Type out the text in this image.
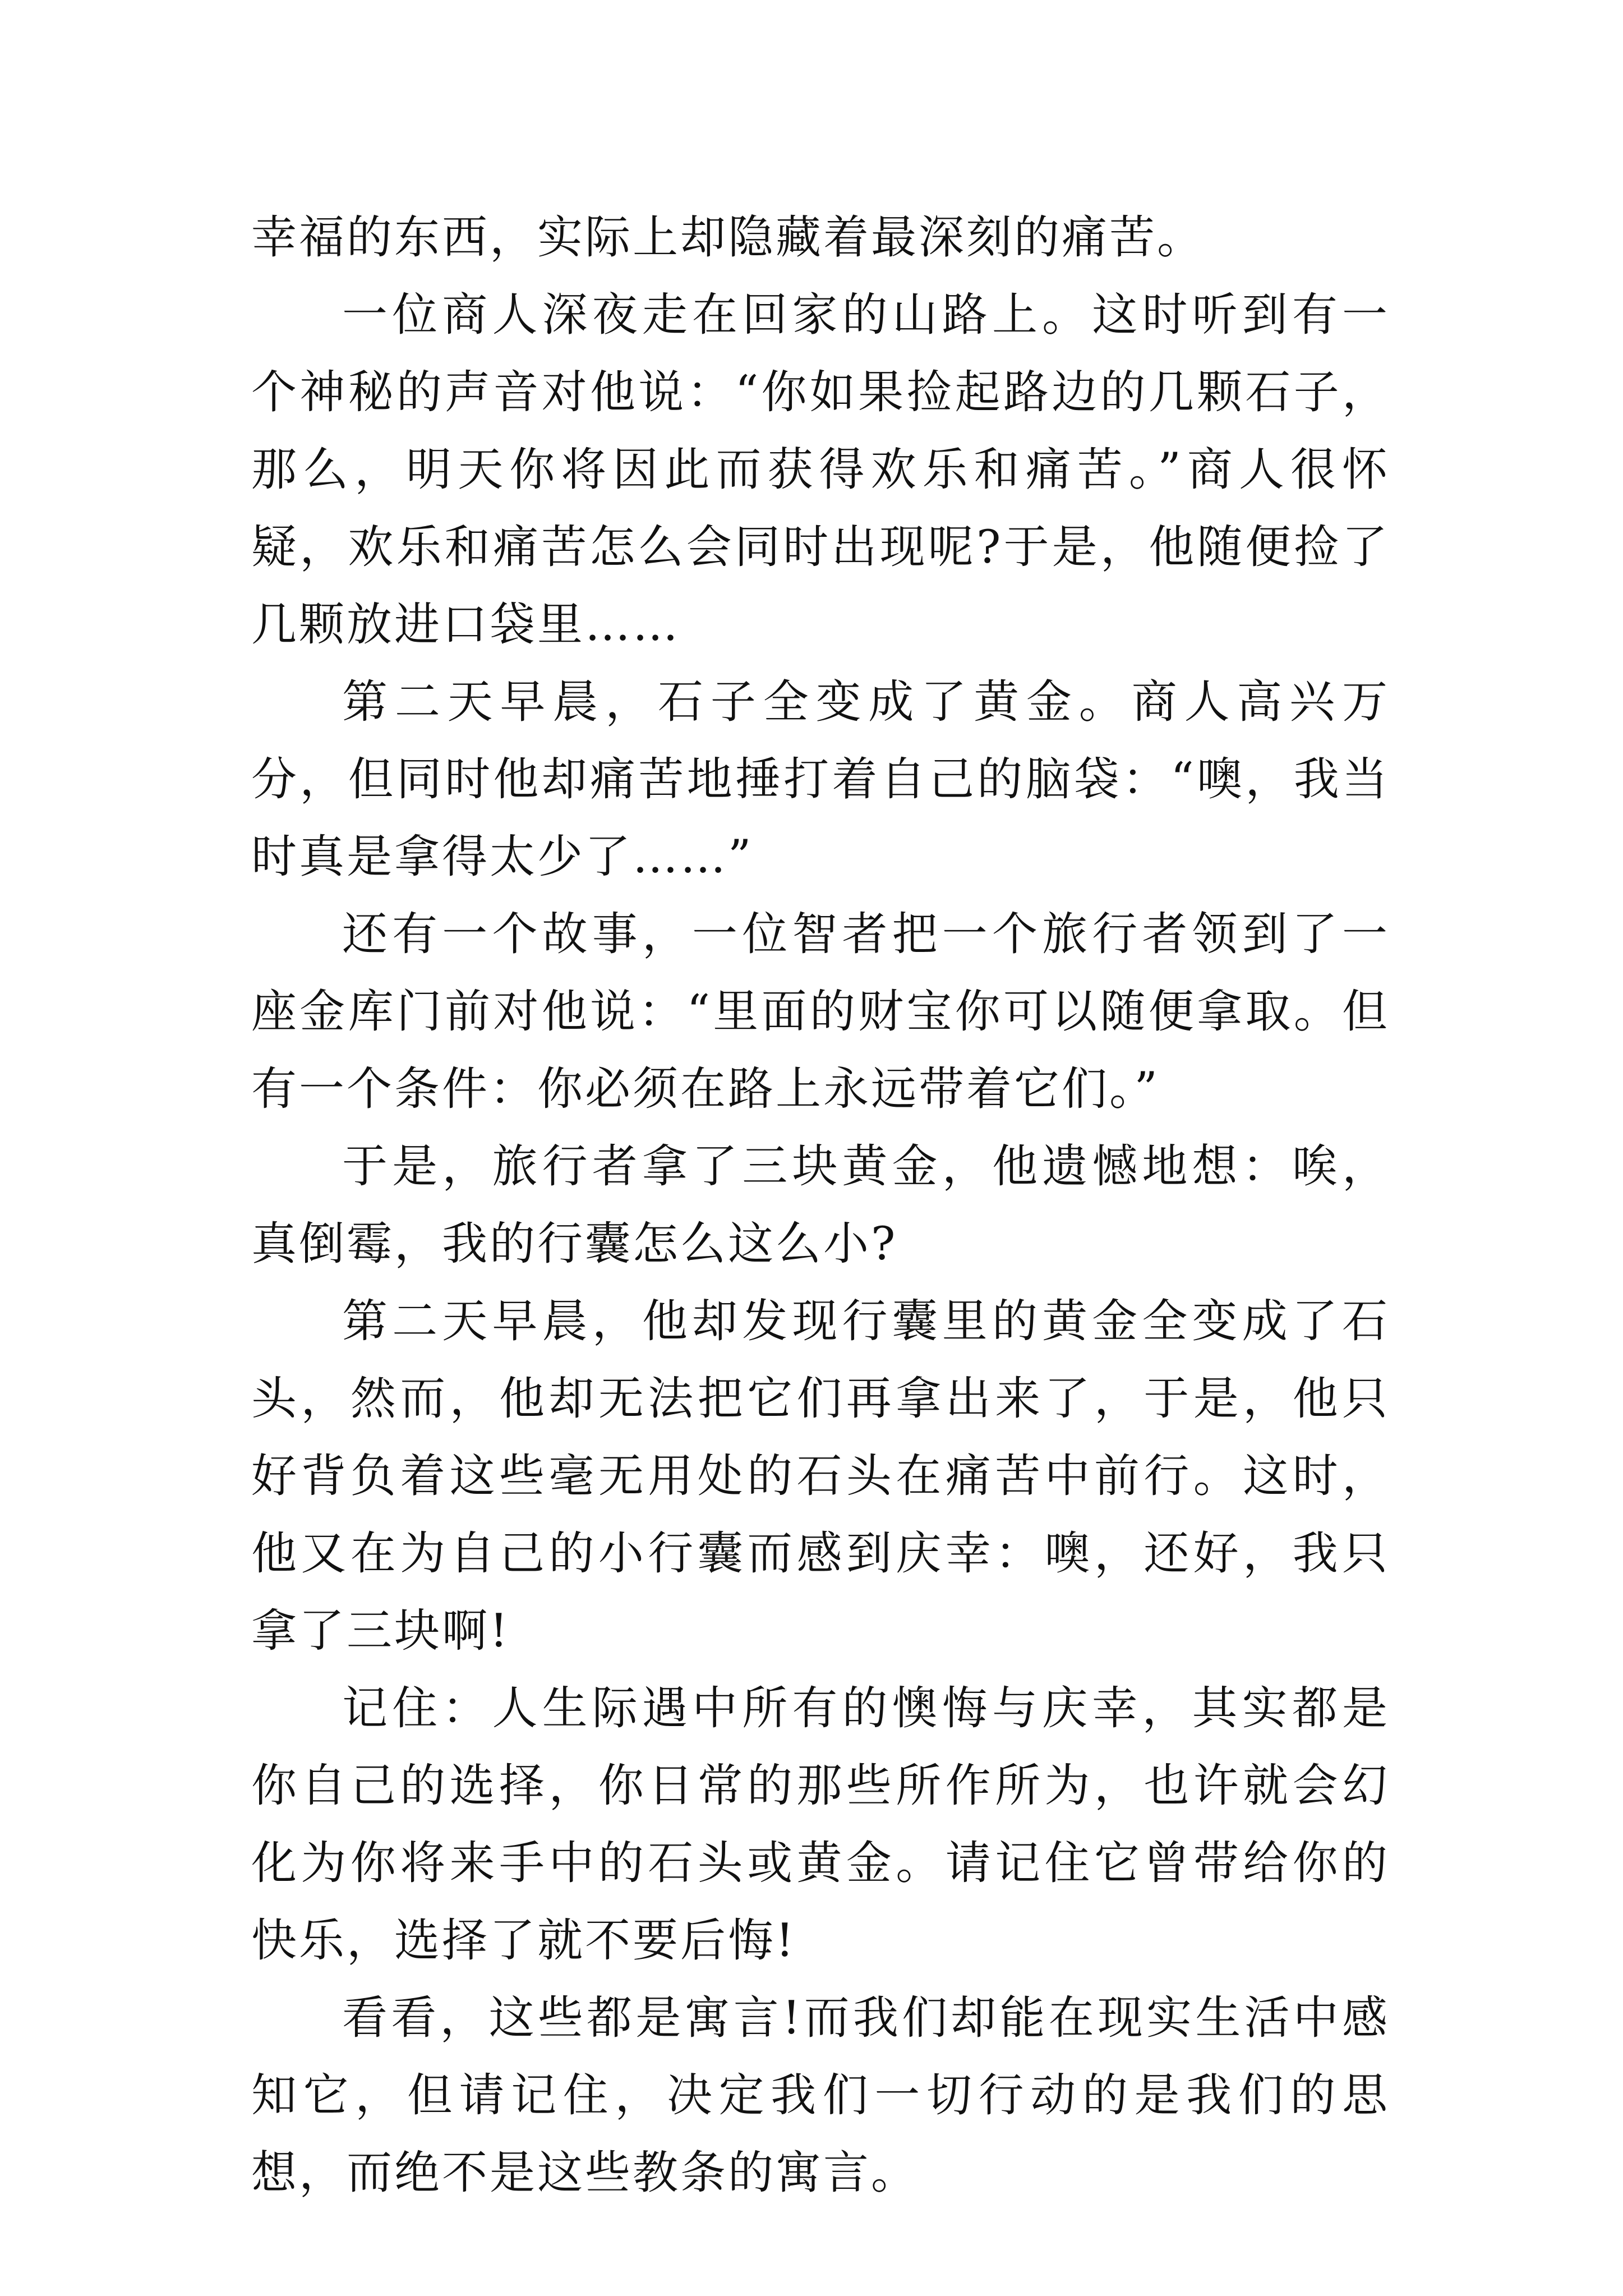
幸福的东西，实际上却隐藏着最深刻的痛苦。

一位商人深夜走在回家的山路上。这时听到有一个神秘的声音对他说：“你如果捡起路边的几颗石子，那么，明天你将因此而获得欢乐和痛苦。”商人很怀疑，欢乐和痛苦怎么会同时出现呢?于是，他随便捡了几颗放进口袋里……

第二天早晨，石子全变成了黄金。商人高兴万分，但同时他却痛苦地捶打着自己的脑袋：“噢，我当时真是拿得太少了……”

还有一个故事，一位智者把一个旅行者领到了一座金库门前对他说：“里面的财宝你可以随便拿取。但有一个条件：你必须在路上永远带着它们。”

于是，旅行者拿了三块黄金，他遗憾地想：唉，真倒霉，我的行囊怎么这么小?

第二天早晨，他却发现行囊里的黄金全变成了石头，然而，他却无法把它们再拿出来了，于是，他只好背负着这些毫无用处的石头在痛苦中前行。这时，他又在为自己的小行囊而感到庆幸：噢，还好，我只拿了三块啊!

记住：人生际遇中所有的懊悔与庆幸，其实都是你自己的选择，你日常的那些所作所为，也许就会幻化为你将来手中的石头或黄金。请记住它曾带给你的快乐，选择了就不要后悔!

看看，这些都是寓言!而我们却能在现实生活中感知它，但请记住，决定我们一切行动的是我们的思想，而绝不是这些教条的寓言。
